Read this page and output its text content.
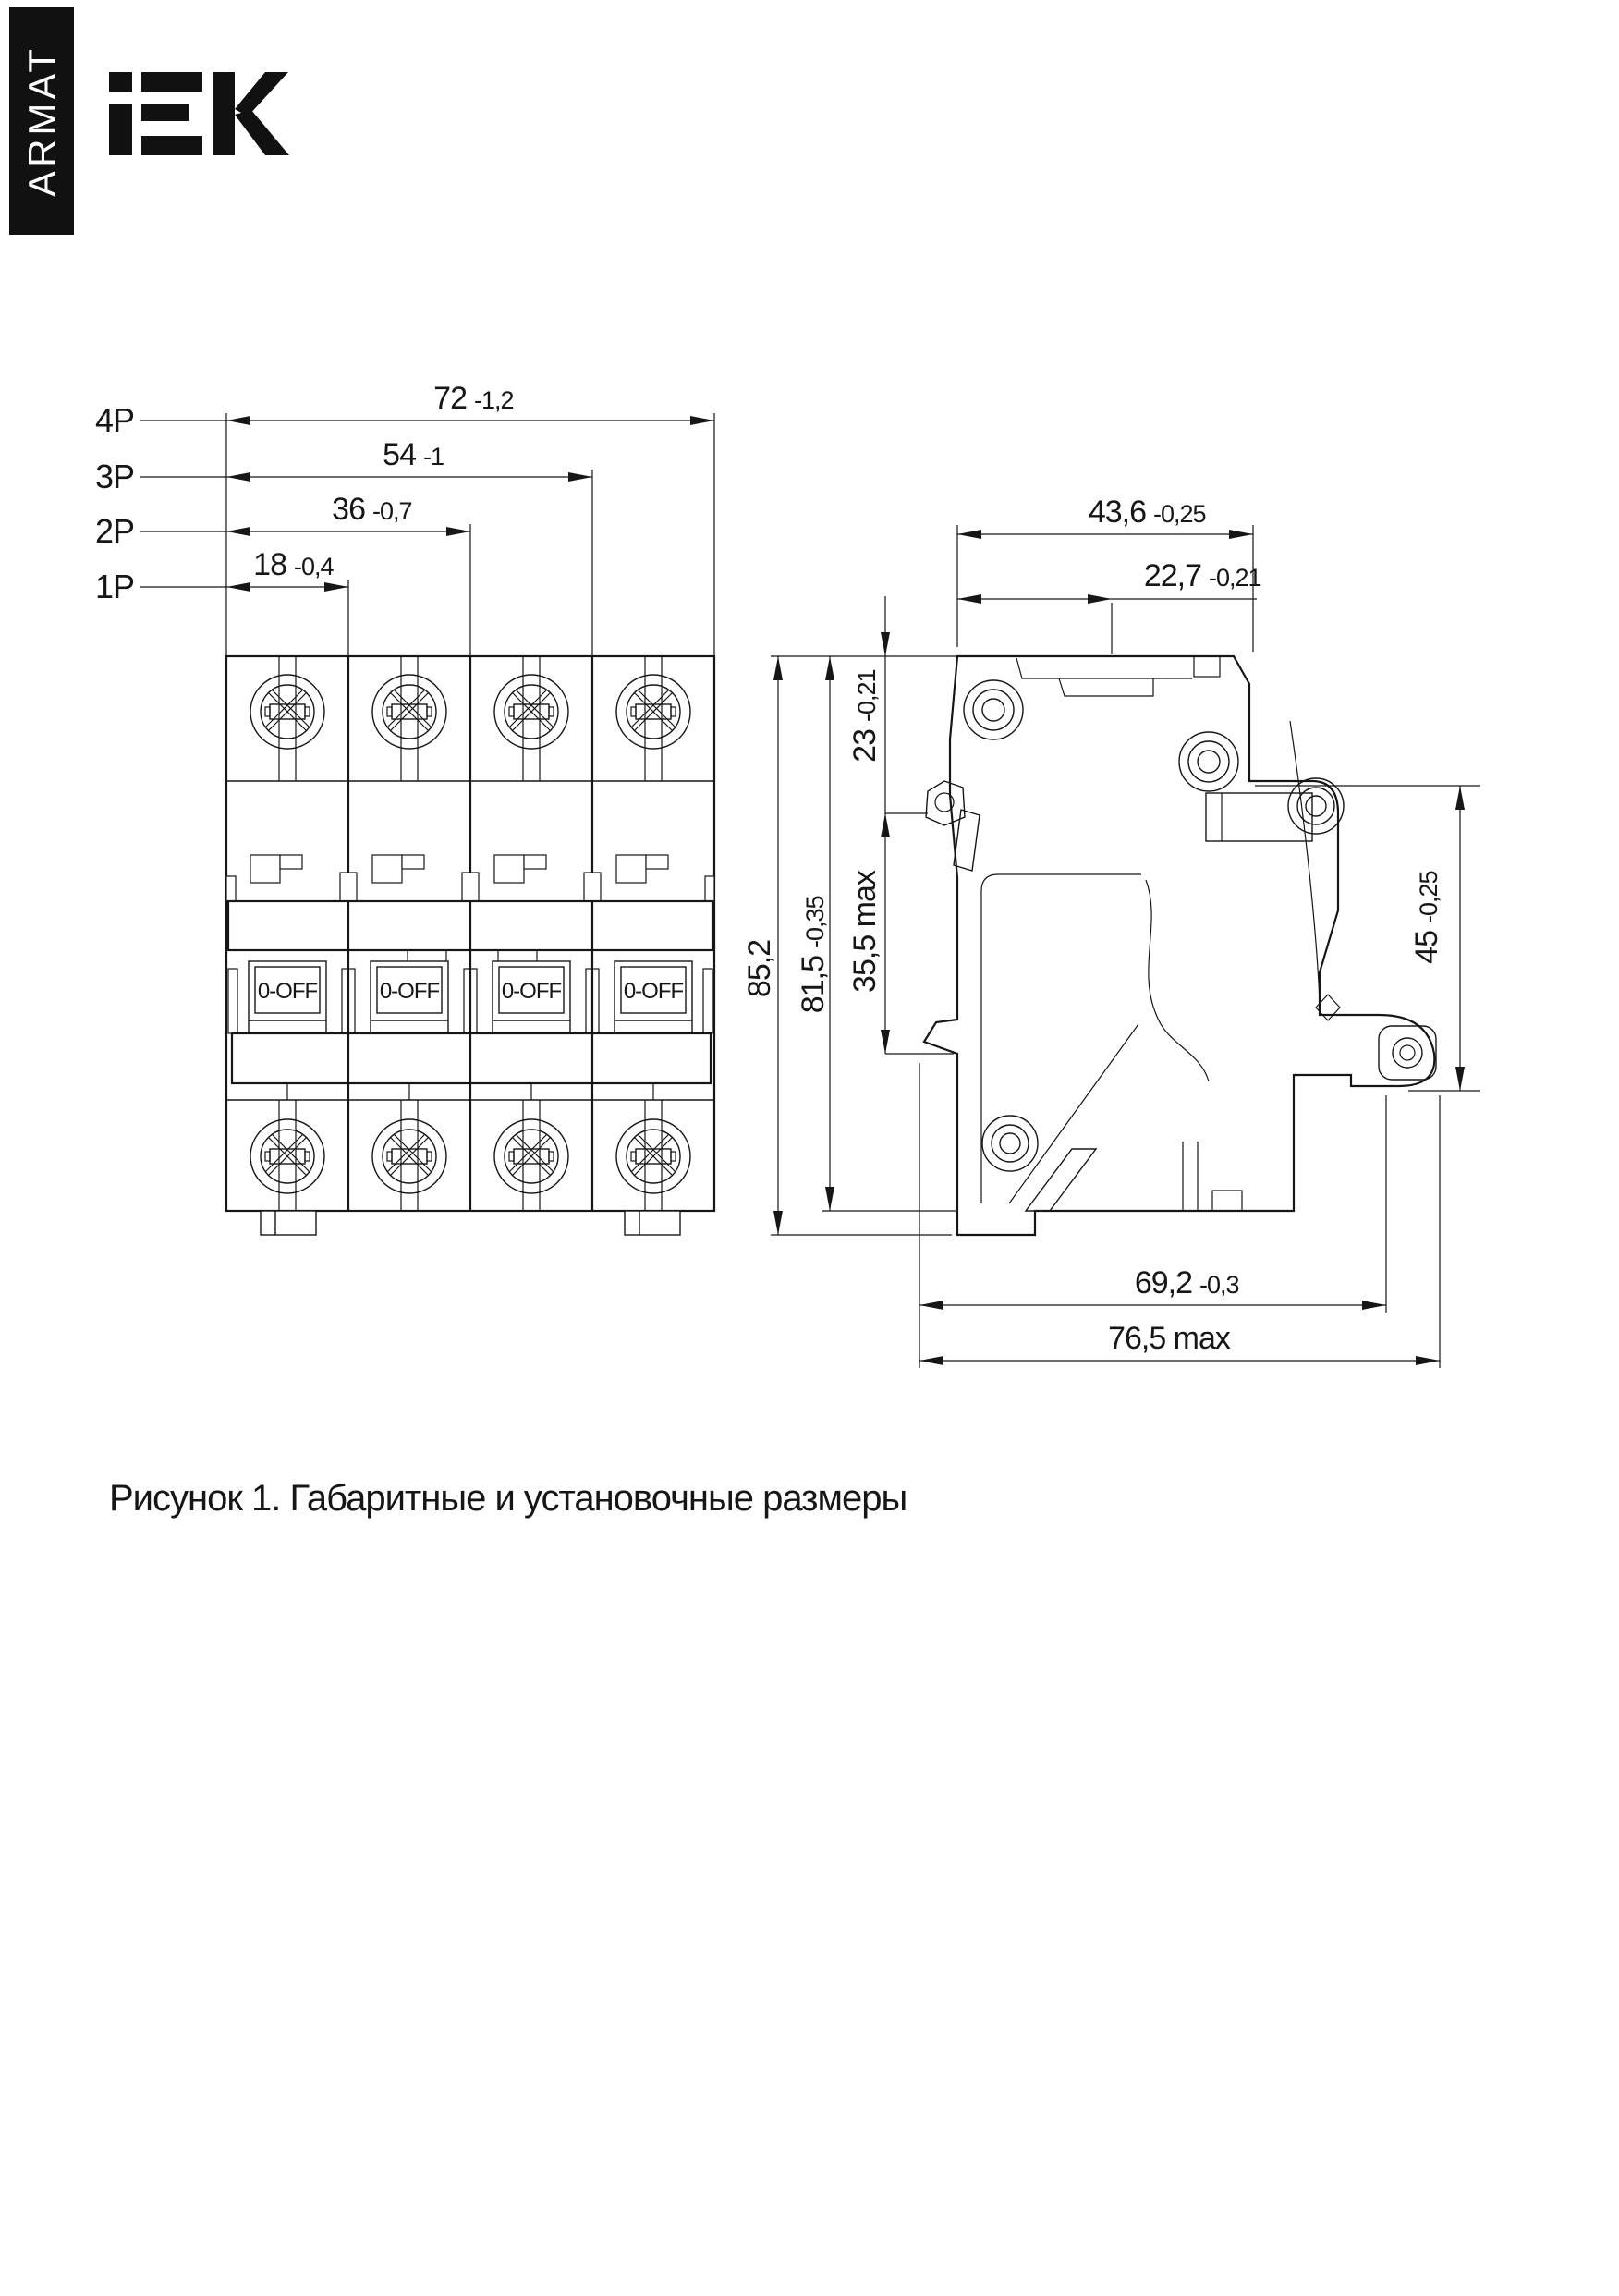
ARMAT
4P
3P
2P
1P
72 -1,2
54 -1
36 -0,7
18 -0,4
0-OFF	0-OFF	0-OFF	0-OFF
43,6 -0,25
22,7 -0,21
85,2 81,5
-0,35
23
-0,21
35,5 max	45
-0,25
69,2 -0,3
76,5 max
Рисунок 1. Габаритные и установочные размеры
